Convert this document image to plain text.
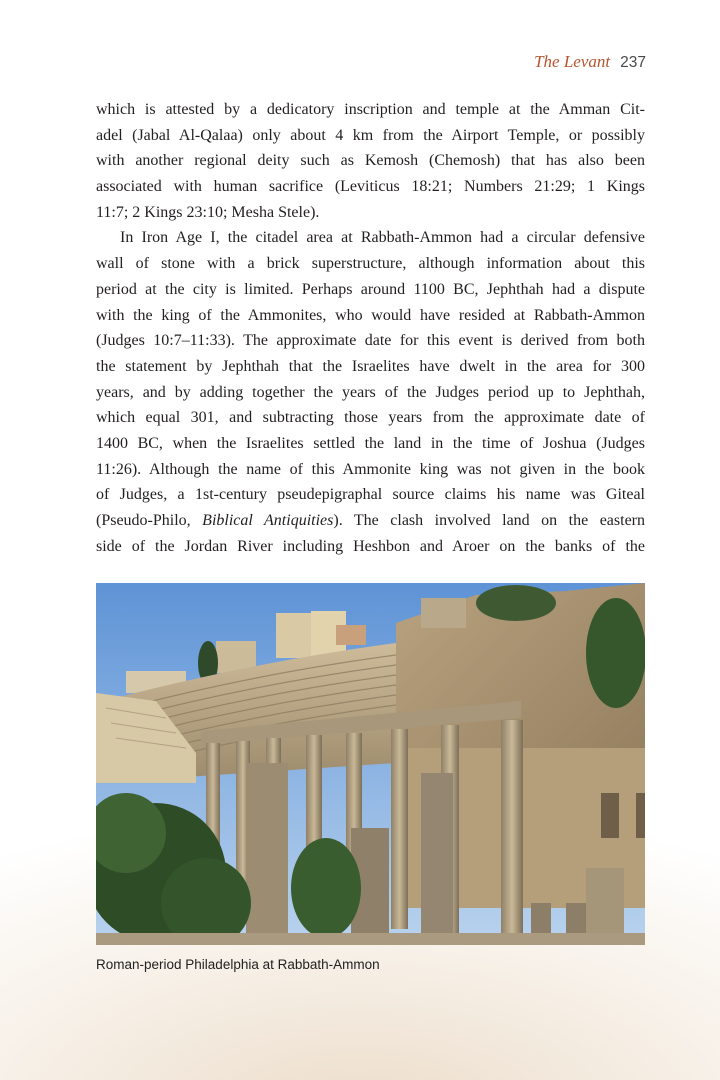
The Levant 237
which is attested by a dedicatory inscription and temple at the Amman Cit-
adel (Jabal Al-Qalaa) only about 4 km from the Airport Temple, or possibly
with another regional deity such as Kemosh (Chemosh) that has also been
associated with human sacrifice (Leviticus 18:21; Numbers 21:29; 1 Kings
11:7; 2 Kings 23:10; Mesha Stele).
In Iron Age I, the citadel area at Rabbath-Ammon had a circular defensive
wall of stone with a brick superstructure, although information about this
period at the city is limited. Perhaps around 1100 BC, Jephthah had a dispute
with the king of the Ammonites, who would have resided at Rabbath-Ammon
(Judges 10:7–11:33). The approximate date for this event is derived from both
the statement by Jephthah that the Israelites have dwelt in the area for 300
years, and by adding together the years of the Judges period up to Jephthah,
which equal 301, and subtracting those years from the approximate date of
1400 BC, when the Israelites settled the land in the time of Joshua (Judges
11:26). Although the name of this Ammonite king was not given in the book
of Judges, a 1st-century pseudepigraphal source claims his name was Giteal
(Pseudo-Philo, Biblical Antiquities). The clash involved land on the eastern
side of the Jordan River including Heshbon and Aroer on the banks of the
Roman-period Philadelphia at Rabbath-Ammon
